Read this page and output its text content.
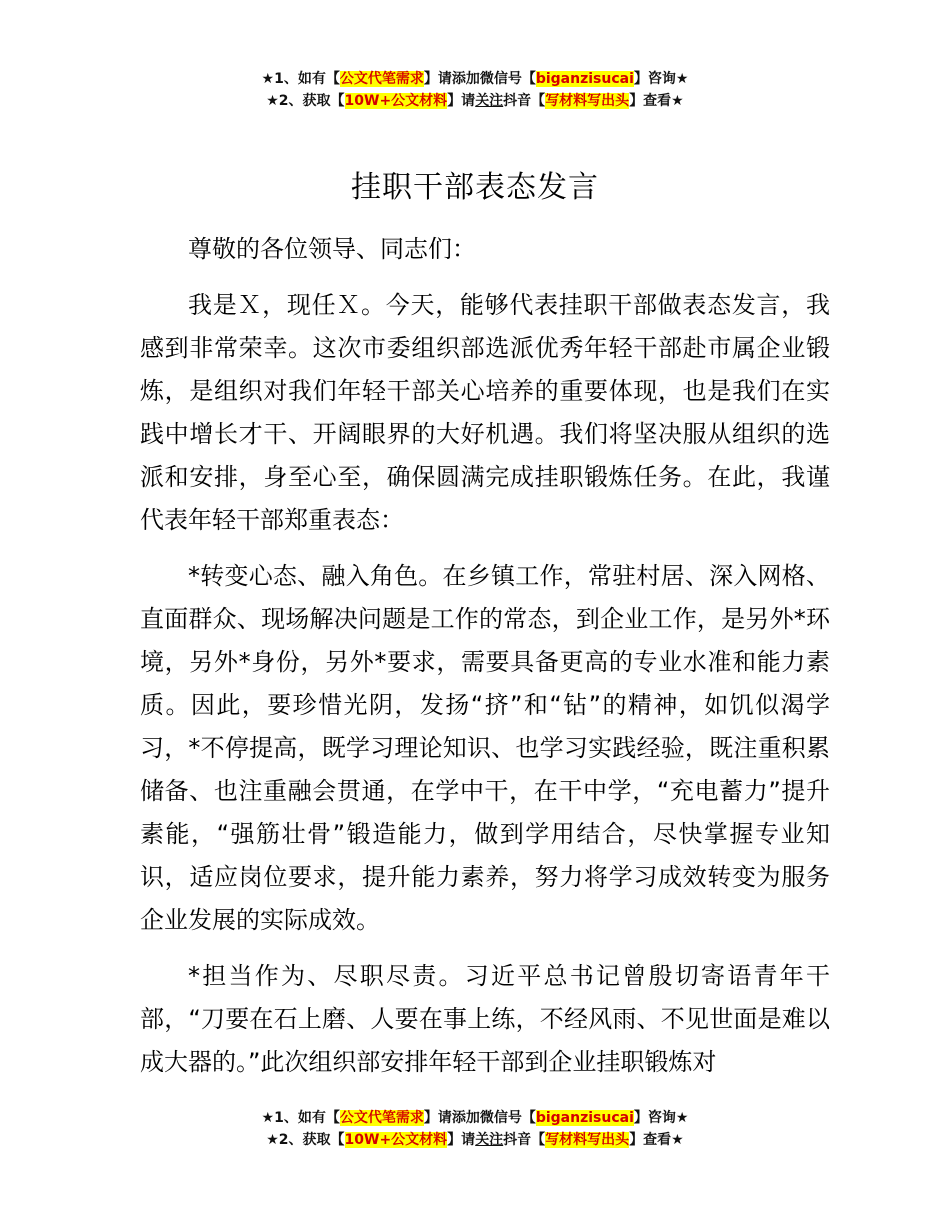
★1、如有【公文代笔需求】请添加微信号【biganzisucai】咨询★
★2、获取【10W+公文材料】请关注抖音【写材料写出头】查看★
挂职干部表态发言

尊敬的各位领导、同志们：

我是Ｘ，现任Ｘ。今天，能够代表挂职干部做表态发言，我感到非常荣幸。这次市委组织部选派优秀年轻干部赴市属企业锻炼，是组织对我们年轻干部关心培养的重要体现，也是我们在实践中增长才干、开阔眼界的大好机遇。我们将坚决服从组织的选派和安排，身至心至，确保圆满完成挂职锻炼任务。在此，我谨代表年轻干部郑重表态：

*转变心态、融入角色。在乡镇工作，常驻村居、深入网格、直面群众、现场解决问题是工作的常态，到企业工作，是另外*环境，另外*身份，另外*要求，需要具备更高的专业水准和能力素质。因此，要珍惜光阴，发扬“挤”和“钻”的精神，如饥似渴学习，*不停提高，既学习理论知识、也学习实践经验，既注重积累储备、也注重融会贯通，在学中干，在干中学，“充电蓄力”提升素能，“强筋壮骨”锻造能力，做到学用结合，尽快掌握专业知识，适应岗位要求，提升能力素养，努力将学习成效转变为服务企业发展的实际成效。

*担当作为、尽职尽责。习近平总书记曾殷切寄语青年干部，“刀要在石上磨、人要在事上练，不经风雨、不见世面是难以成大器的。”此次组织部安排年轻干部到企业挂职锻炼对

★1、如有【公文代笔需求】请添加微信号【biganzisucai】咨询★
★2、获取【10W+公文材料】请关注抖音【写材料写出头】查看★
